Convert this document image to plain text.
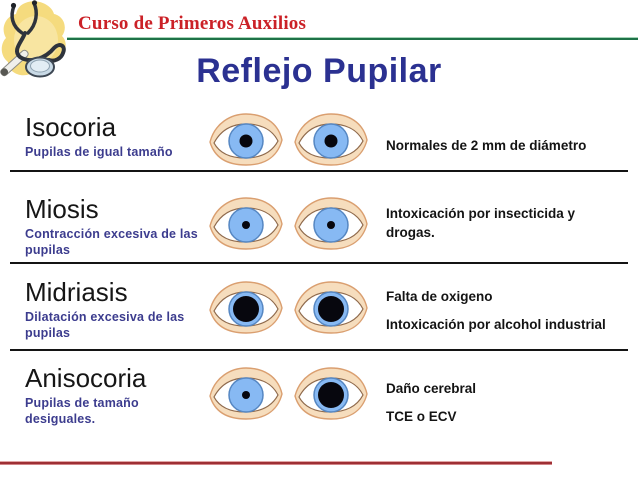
Curso de Primeros Auxilios
Reflejo Pupilar
Isocoria
Pupilas de igual tamaño	Normales de 2 mm de diámetro
Miosis
Contracción excesiva de las pupilas
Intoxicación por insecticida y drogas.
Midriasis
Dilatación excesiva de las pupilas
Falta de oxigeno
Intoxicación por alcohol industrial
Anisocoria
Pupilas de tamaño desiguales.
Daño cerebral
TCE o ECV
